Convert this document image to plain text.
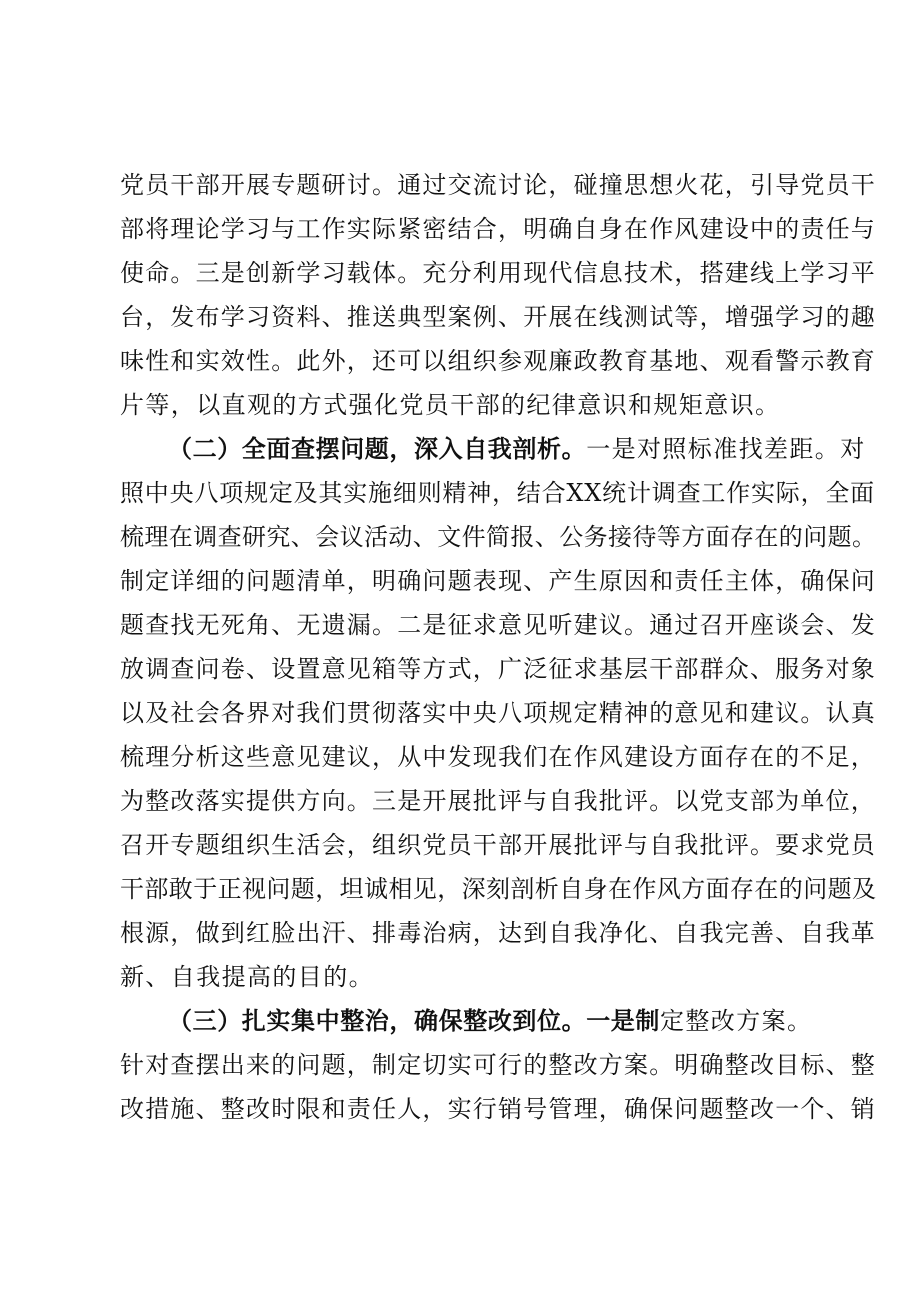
党员干部开展专题研讨。通过交流讨论，碰撞思想火花，引导党员干
部将理论学习与工作实际紧密结合，明确自身在作风建设中的责任与
使命。三是创新学习载体。充分利用现代信息技术，搭建线上学习平
台，发布学习资料、推送典型案例、开展在线测试等，增强学习的趣
味性和实效性。此外，还可以组织参观廉政教育基地、观看警示教育
片等，以直观的方式强化党员干部的纪律意识和规矩意识。
（二）全面查摆问题，深入自我剖析。一是对照标准找差距。对
照中央八项规定及其实施细则精神，结合XX统计调查工作实际，全面
梳理在调查研究、会议活动、文件简报、公务接待等方面存在的问题。
制定详细的问题清单，明确问题表现、产生原因和责任主体，确保问
题查找无死角、无遗漏。二是征求意见听建议。通过召开座谈会、发
放调查问卷、设置意见箱等方式，广泛征求基层干部群众、服务对象
以及社会各界对我们贯彻落实中央八项规定精神的意见和建议。认真
梳理分析这些意见建议，从中发现我们在作风建设方面存在的不足，
为整改落实提供方向。三是开展批评与自我批评。以党支部为单位，
召开专题组织生活会，组织党员干部开展批评与自我批评。要求党员
干部敢于正视问题，坦诚相见，深刻剖析自身在作风方面存在的问题及
根源，做到红脸出汗、排毒治病，达到自我净化、自我完善、自我革
新、自我提高的目的。
（三）扎实集中整治，确保整改到位。一是制定整改方案。
针对查摆出来的问题，制定切实可行的整改方案。明确整改目标、整
改措施、整改时限和责任人，实行销号管理，确保问题整改一个、销
